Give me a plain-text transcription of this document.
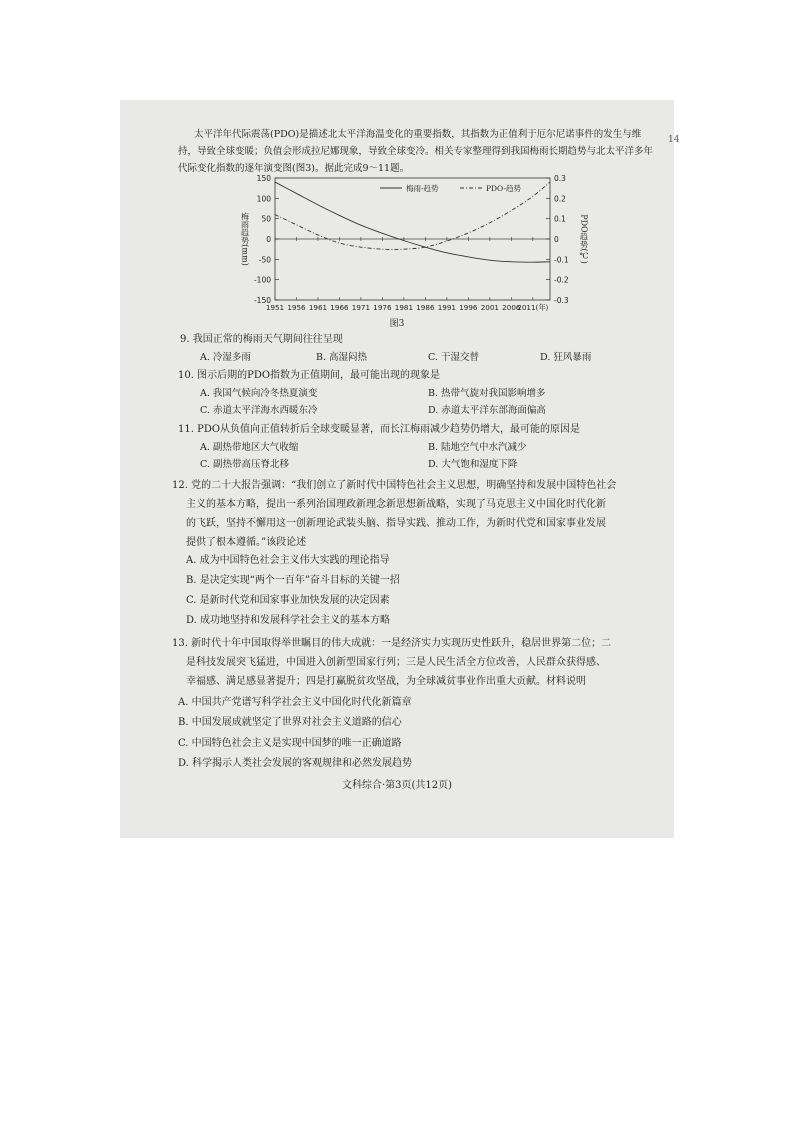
14
太平洋年代际震荡(PDO)是描述北太平洋海温变化的重要指数，其指数为正值利于厄尔尼诺事件的发生与维持，导致全球变暖；负值会形成拉尼娜现象，导致全球变冷。相关专家整理得到我国梅雨长期趋势与北太平洋多年代际变化指数的逐年演变图(图3)。据此完成9～11题。
150
100
50
0
-50
-100
-150
0.3
0.2
0.1
0
-0.1
-0.2
-0.3
1951 1956 1961 1966 1971 1976 1981 1986 1991 1996 2001 2006
2011(年)
梅雨趋势(mm)	PDO趋势(℃)
梅雨-趋势	PDO-趋势
图3
9. 我国正常的梅雨天气期间往往呈现
A. 冷湿多雨	B. 高湿闷热	C. 干湿交替	D. 狂风暴雨
10. 图示后期的PDO指数为正值期间，最可能出现的现象是
A. 我国气候向冷冬热夏演变	B. 热带气旋对我国影响增多
C. 赤道太平洋海水西暖东冷	D. 赤道太平洋东部海面偏高
11. PDO从负值向正值转折后全球变暖显著，而长江梅雨减少趋势仍增大，最可能的原因是
A. 副热带地区大气收缩	B. 陆地空气中水汽减少
C. 副热带高压脊北移	D. 大气饱和湿度下降
12. 党的二十大报告强调：“我们创立了新时代中国特色社会主义思想，明确坚持和发展中国特色社会
主义的基本方略，提出一系列治国理政新理念新思想新战略，实现了马克思主义中国化时代化新
的飞跃，坚持不懈用这一创新理论武装头脑、指导实践、推动工作，为新时代党和国家事业发展
提供了根本遵循。”该段论述
A. 成为中国特色社会主义伟大实践的理论指导
B. 是决定实现“两个一百年”奋斗目标的关键一招
C. 是新时代党和国家事业加快发展的决定因素
D. 成功地坚持和发展科学社会主义的基本方略
13. 新时代十年中国取得举世瞩目的伟大成就：一是经济实力实现历史性跃升，稳居世界第二位；二
是科技发展突飞猛进，中国进入创新型国家行列；三是人民生活全方位改善，人民群众获得感、
幸福感、满足感显著提升；四是打赢脱贫攻坚战，为全球减贫事业作出重大贡献。材料说明
A. 中国共产党谱写科学社会主义中国化时代化新篇章
B. 中国发展成就坚定了世界对社会主义道路的信心
C. 中国特色社会主义是实现中国梦的唯一正确道路
D. 科学揭示人类社会发展的客观规律和必然发展趋势
文科综合·第3页(共12页)
